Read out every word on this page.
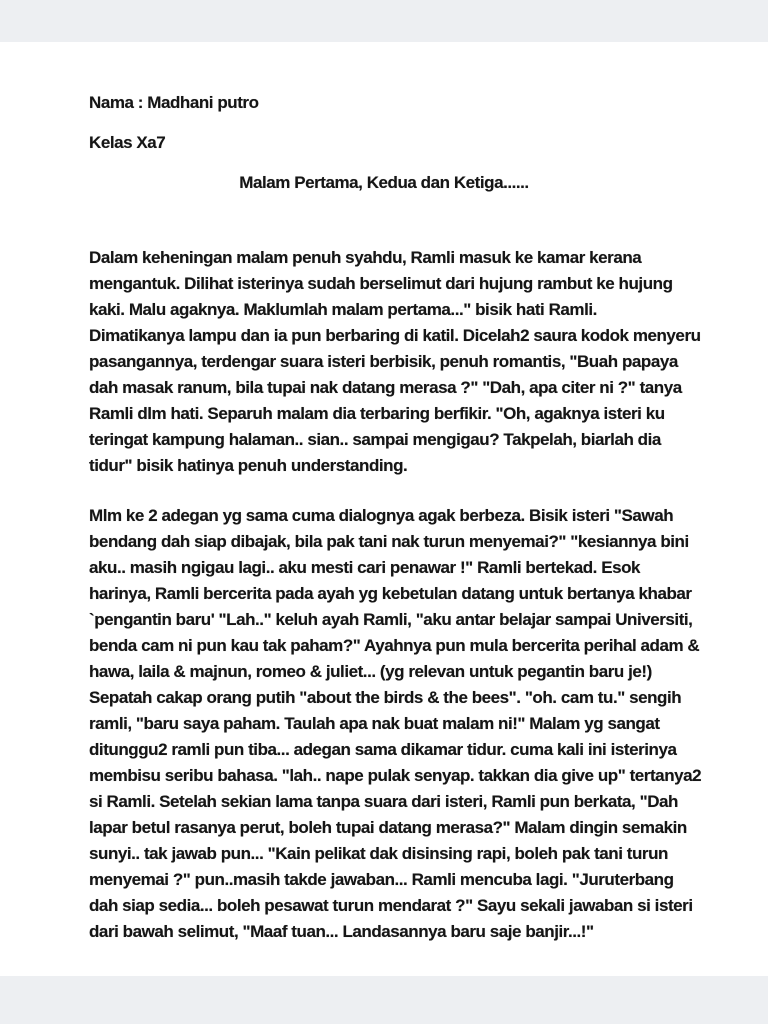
Nama : Madhani putro
Kelas Xa7
Malam Pertama, Kedua dan Ketiga......
Dalam keheningan malam penuh syahdu, Ramli masuk ke kamar kerana
mengantuk. Dilihat isterinya sudah berselimut dari hujung rambut ke hujung
kaki. Malu agaknya. Maklumlah malam pertama..." bisik hati Ramli.
Dimatikanya lampu dan ia pun berbaring di katil. Dicelah2 saura kodok menyeru
pasangannya, terdengar suara isteri berbisik, penuh romantis, "Buah papaya
dah masak ranum, bila tupai nak datang merasa ?" "Dah, apa citer ni ?" tanya
Ramli dlm hati. Separuh malam dia terbaring berfikir. "Oh, agaknya isteri ku
teringat kampung halaman.. sian.. sampai mengigau? Takpelah, biarlah dia
tidur" bisik hatinya penuh understanding.
Mlm ke 2 adegan yg sama cuma dialognya agak berbeza. Bisik isteri "Sawah
bendang dah siap dibajak, bila pak tani nak turun menyemai?" "kesiannya bini
aku.. masih ngigau lagi.. aku mesti cari penawar !" Ramli bertekad. Esok
harinya, Ramli bercerita pada ayah yg kebetulan datang untuk bertanya khabar
`pengantin baru' "Lah.." keluh ayah Ramli, "aku antar belajar sampai Universiti,
benda cam ni pun kau tak paham?" Ayahnya pun mula bercerita perihal adam &
hawa, laila & majnun, romeo & juliet... (yg relevan untuk pegantin baru je!)
Sepatah cakap orang putih "about the birds & the bees". "oh. cam tu." sengih
ramli, "baru saya paham. Taulah apa nak buat malam ni!" Malam yg sangat
ditunggu2 ramli pun tiba... adegan sama dikamar tidur. cuma kali ini isterinya
membisu seribu bahasa. "lah.. nape pulak senyap. takkan dia give up" tertanya2
si Ramli. Setelah sekian lama tanpa suara dari isteri, Ramli pun berkata, "Dah
lapar betul rasanya perut, boleh tupai datang merasa?" Malam dingin semakin
sunyi.. tak jawab pun... "Kain pelikat dak disinsing rapi, boleh pak tani turun
menyemai ?" pun..masih takde jawaban... Ramli mencuba lagi. "Juruterbang
dah siap sedia... boleh pesawat turun mendarat ?" Sayu sekali jawaban si isteri
dari bawah selimut, "Maaf tuan... Landasannya baru saje banjir...!"
